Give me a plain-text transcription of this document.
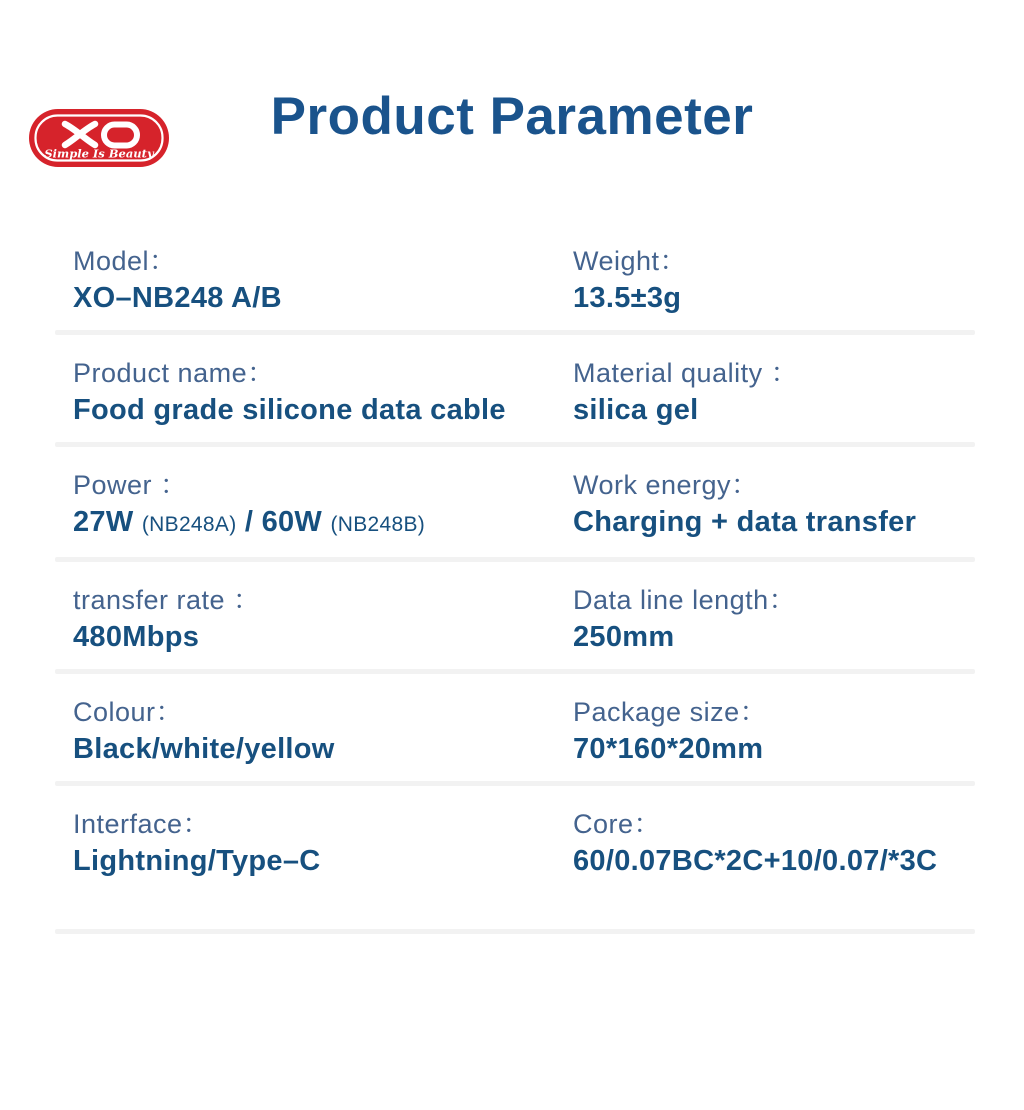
Simple Is Beauty
Product Parameter
Model：
XO–NB248 A/B
Weight：
13.5±3g
Product name：
Food grade silicone data cable
Material quality ：
silica gel
Power ：
27W (NB248A) / 60W (NB248B)
Work energy：
Charging + data transfer
transfer rate ：
480Mbps
Data line length：
250mm
Colour：
Black/white/yellow
Package size：
70*160*20mm
Interface：
Lightning/Type–C
Core：
60/0.07BC*2C+10/0.07/*3C
